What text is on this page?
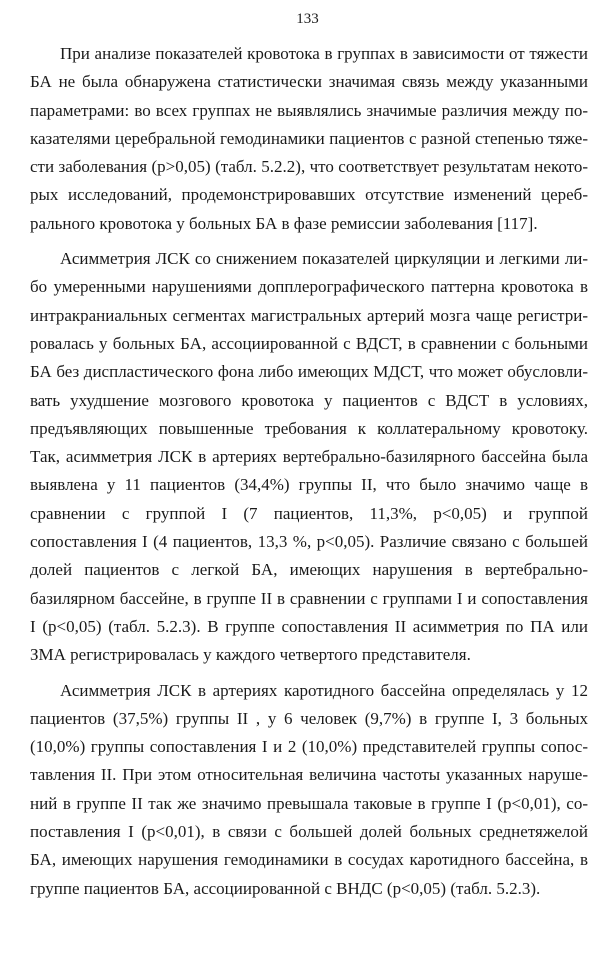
133

При анализе показателей кровотока в группах в зависимости от тяжести БА не была обнаружена статистически значимая связь между указанными параметрами: во всех группах не выявлялись значимые различия между показателями церебральной гемодинамики пациентов с разной степенью тяжести заболевания (р>0,05) (табл. 5.2.2), что соответствует результатам некоторых исследований, продемонстрировавших отсутствие изменений церебрального кровотока у больных БА в фазе ремиссии заболевания [117].

Асимметрия ЛСК со снижением показателей циркуляции и легкими либо умеренными нарушениями допплерографического паттерна кровотока в интракраниальных сегментах магистральных артерий мозга чаще регистрировалась у больных БА, ассоциированной с ВДСТ, в сравнении с больными БА без диспластического фона либо имеющих МДСТ, что может обусловливать ухудшение мозгового кровотока у пациентов с ВДСТ в условиях, предъявляющих повышенные требования к коллатеральному кровотоку. Так, асимметрия ЛСК в артериях вертебрально-базилярного бассейна была выявлена у 11 пациентов (34,4%) группы II, что было значимо чаще в сравнении с группой I (7 пациентов, 11,3%, р<0,05) и группой сопоставления I (4 пациентов, 13,3 %, р<0,05). Различие связано с большей долей пациентов с легкой БА, имеющих нарушения в вертебрально-базилярном бассейне, в группе II в сравнении с группами I и сопоставления I (р<0,05) (табл. 5.2.3). В группе сопоставления II асимметрия по ПА или ЗМА регистрировалась у каждого четвертого представителя.

Асимметрия ЛСК в артериях каротидного бассейна определялась у 12 пациентов (37,5%) группы II , у 6 человек (9,7%) в группе I, 3 больных (10,0%) группы сопоставления I и 2 (10,0%) представителей группы сопоставления II. При этом относительная величина частоты указанных нарушений в группе II так же значимо превышала таковые в группе I (р<0,01), сопоставления I (р<0,01), в связи с большей долей больных среднетяжелой БА, имеющих нарушения гемодинамики в сосудах каротидного бассейна, в группе пациентов БА, ассоциированной с ВНДС (р<0,05) (табл. 5.2.3).
